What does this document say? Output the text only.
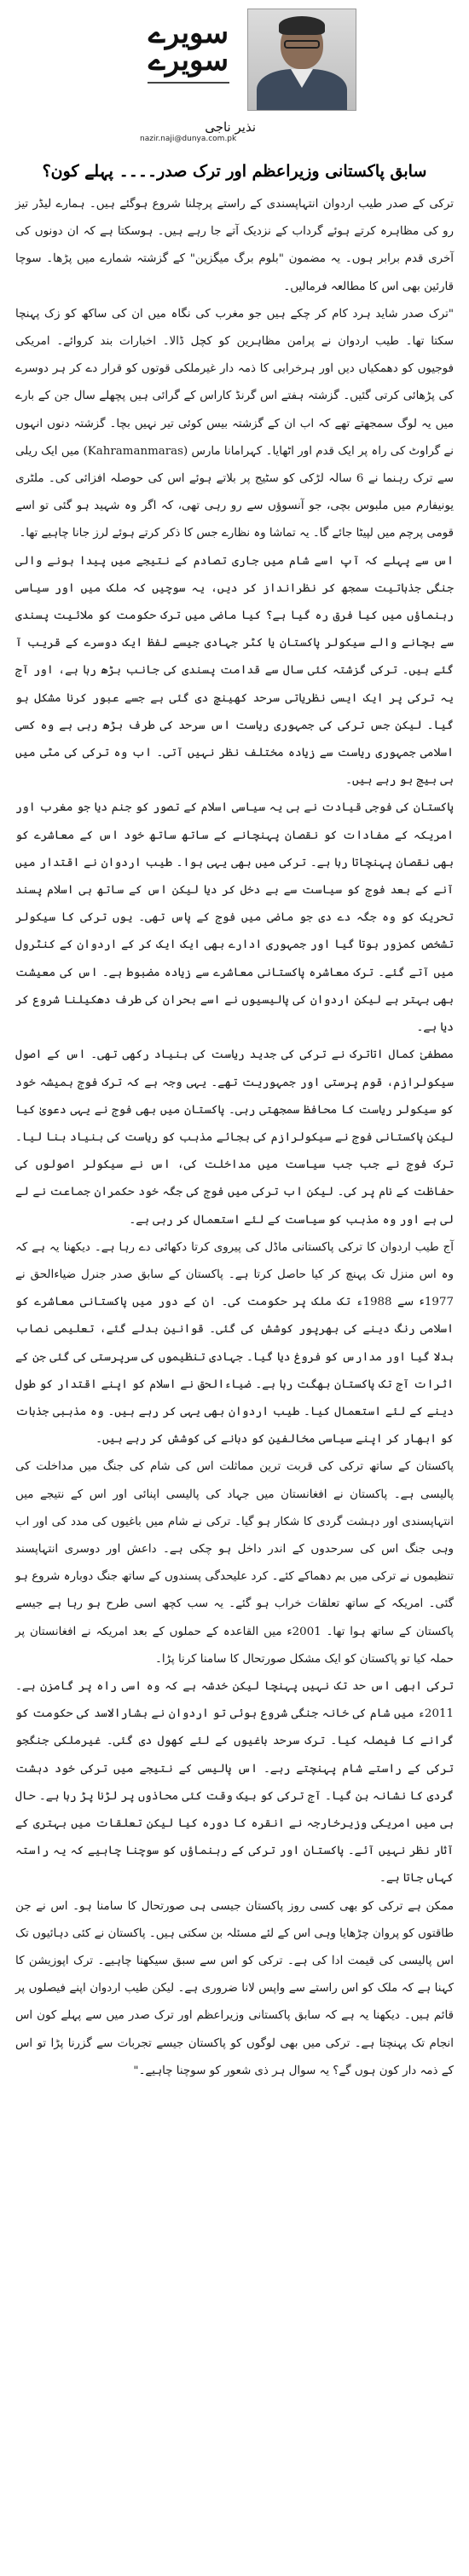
سویرے
سویرے
نذیر ناجی
nazir.naji@dunya.com.pk
سابق پاکستانی وزیراعظم اور ترک صدر۔۔۔۔ پہلے کون؟

ترکی کے صدر طیب اردوان انتہاپسندی کے راستے پرچلنا شروع ہوگئے ہیں۔ ہمارے لیڈر تیز رو کی مظاہرہ کرتے ہوئے گرداب کے نزدیک آتے جا رہے ہیں۔ ہوسکتا ہے کہ ان دونوں کی آخری قدم برابر ہوں۔ یہ مضمون "بلوم برگ میگزین" کے گزشتہ شمارے میں پڑھا۔ سوچا قارئین بھی اس کا مطالعہ فرمالیں۔

"ترک صدر شاید ہرد کام کر چکے ہیں جو مغرب کی نگاہ میں ان کی ساکھ کو زک پہنچا سکتا تھا۔ طیب اردوان نے پرامن مظاہرین کو کچل ڈالا۔ اخبارات بند کروائے۔ امریکی فوجیوں کو دھمکیاں دیں اور ہرخرابی کا ذمہ دار غیرملکی قوتوں کو قرار دے کر ہر دوسرے کی پڑھائی کرتی گئیں۔ گزشتہ ہفتے اس گرنڈ کاراس کے گرائی ہیں پچھلے سال جن کے بارے میں یہ لوگ سمجھتے تھے کہ اب ان کے گزشتہ بیس کوئی تیر نہیں بچا۔ گزشتہ دنوں انہوں نے گراوٹ کی راہ پر ایک قدم اور اٹھایا۔ کہرامانا مارس (Kahramanmaras) میں ایک ریلی سے ترک رہنما نے 6 سالہ لڑکی کو سٹیج پر بلاتے ہوئے اس کی حوصلہ افزائی کی۔ ملٹری یونیفارم میں ملبوس بچی، جو آنسوؤں سے رو رہی تھی، کہ اگر وہ شہید ہو گئی تو اسے قومی پرچم میں لپیٹا جائے گا۔ یہ تماشا وہ نظارے جس کا ذکر کرتے ہوئے لرز جانا چاہیے تھا۔

اس سے پہلے کہ آپ اسے شام میں جاری تصادم کے نتیجے میں پیدا ہونے والی جنگی جذباتیت سمجھ کر نظرانداز کر دیں، یہ سوچیں کہ ملک میں اور سیاسی رہنماؤں میں کیا فرق رہ گیا ہے؟ کیا ماضی میں ترک حکومت کو ملائیت پسندی سے بچانے والے سیکولر پاکستان یا کٹر جہادی جیسے لفظ ایک دوسرے کے قریب آ گئے ہیں۔ ترکی گزشتہ کئی سال سے قدامت پسندی کی جانب بڑھ رہا ہے، اور آج یہ ترکی پر ایک ایسی نظریاتی سرحد کھینچ دی گئی ہے جسے عبور کرنا مشکل ہو گیا۔ لیکن جس ترکی کی جمہوری ریاست اس سرحد کی طرف بڑھ رہی ہے وہ کسی اسلامی جمہوری ریاست سے زیادہ مختلف نظر نہیں آتی۔ اب وہ ترکی کی مٹی میں ہی بیج بو رہے ہیں۔

پاکستان کی فوجی قیادت نے ہی یہ سیاسی اسلام کے تصور کو جنم دیا جو مغرب اور امریکہ کے مفادات کو نقصان پہنچانے کے ساتھ ساتھ خود اس کے معاشرے کو بھی نقصان پہنچاتا رہا ہے۔ ترکی میں بھی یہی ہوا۔ طیب اردوان نے اقتدار میں آنے کے بعد فوج کو سیاست سے بے دخل کر دیا لیکن اس کے ساتھ ہی اسلام پسند تحریک کو وہ جگہ دے دی جو ماضی میں فوج کے پاس تھی۔ یوں ترکی کا سیکولر تشخص کمزور ہوتا گیا اور جمہوری ادارے بھی ایک ایک کر کے اردوان کے کنٹرول میں آتے گئے۔ ترک معاشرہ پاکستانی معاشرے سے زیادہ مضبوط ہے۔ اس کی معیشت بھی بہتر ہے لیکن اردوان کی پالیسیوں نے اسے بحران کی طرف دھکیلنا شروع کر دیا ہے۔

مصطفیٰ کمال اتاترک نے ترکی کی جدید ریاست کی بنیاد رکھی تھی۔ اس کے اصول سیکولرازم، قوم پرستی اور جمہوریت تھے۔ یہی وجہ ہے کہ ترک فوج ہمیشہ خود کو سیکولر ریاست کا محافظ سمجھتی رہی۔ پاکستان میں بھی فوج نے یہی دعویٰ کیا لیکن پاکستانی فوج نے سیکولرازم کی بجائے مذہب کو ریاست کی بنیاد بنا لیا۔ ترک فوج نے جب جب سیاست میں مداخلت کی، اس نے سیکولر اصولوں کی حفاظت کے نام پر کی۔ لیکن اب ترکی میں فوج کی جگہ خود حکمران جماعت نے لے لی ہے اور وہ مذہب کو سیاست کے لئے استعمال کر رہی ہے۔

آج طیب اردوان کا ترکی پاکستانی ماڈل کی پیروی کرتا دکھائی دے رہا ہے۔ دیکھنا یہ ہے کہ وہ اس منزل تک پہنچ کر کیا حاصل کرتا ہے۔ پاکستان کے سابق صدر جنرل ضیاءالحق نے 1977ء سے 1988ء تک ملک پر حکومت کی۔ ان کے دور میں پاکستانی معاشرے کو اسلامی رنگ دینے کی بھرپور کوشش کی گئی۔ قوانین بدلے گئے، تعلیمی نصاب بدلا گیا اور مدارس کو فروغ دیا گیا۔ جہادی تنظیموں کی سرپرستی کی گئی جن کے اثرات آج تک پاکستان بھگت رہا ہے۔ ضیاءالحق نے اسلام کو اپنے اقتدار کو طول دینے کے لئے استعمال کیا۔ طیب اردوان بھی یہی کر رہے ہیں۔ وہ مذہبی جذبات کو ابھار کر اپنے سیاسی مخالفین کو دبانے کی کوشش کر رہے ہیں۔

پاکستان کے ساتھ ترکی کی قربت ترین مماثلت اس کی شام کی جنگ میں مداخلت کی پالیسی ہے۔ پاکستان نے افغانستان میں جہاد کی پالیسی اپنائی اور اس کے نتیجے میں انتہاپسندی اور دہشت گردی کا شکار ہو گیا۔ ترکی نے شام میں باغیوں کی مدد کی اور اب وہی جنگ اس کی سرحدوں کے اندر داخل ہو چکی ہے۔ داعش اور دوسری انتہاپسند تنظیموں نے ترکی میں بم دھماکے کئے۔ کرد علیحدگی پسندوں کے ساتھ جنگ دوبارہ شروع ہو گئی۔ امریکہ کے ساتھ تعلقات خراب ہو گئے۔ یہ سب کچھ اسی طرح ہو رہا ہے جیسے پاکستان کے ساتھ ہوا تھا۔ 2001ء میں القاعدہ کے حملوں کے بعد امریکہ نے افغانستان پر حملہ کیا تو پاکستان کو ایک مشکل صورتحال کا سامنا کرنا پڑا۔

ترکی ابھی اس حد تک نہیں پہنچا لیکن خدشہ ہے کہ وہ اسی راہ پر گامزن ہے۔ 2011ء میں شام کی خانہ جنگی شروع ہوئی تو اردوان نے بشارالاسد کی حکومت کو گرانے کا فیصلہ کیا۔ ترک سرحد باغیوں کے لئے کھول دی گئی۔ غیرملکی جنگجو ترکی کے راستے شام پہنچتے رہے۔ اس پالیسی کے نتیجے میں ترکی خود دہشت گردی کا نشانہ بن گیا۔ آج ترکی کو بیک وقت کئی محاذوں پر لڑنا پڑ رہا ہے۔ حال ہی میں امریکی وزیرخارجہ نے انقرہ کا دورہ کیا لیکن تعلقات میں بہتری کے آثار نظر نہیں آئے۔ پاکستان اور ترکی کے رہنماؤں کو سوچنا چاہیے کہ یہ راستہ کہاں جاتا ہے۔

ممکن ہے ترکی کو بھی کسی روز پاکستان جیسی ہی صورتحال کا سامنا ہو۔ اس نے جن طاقتوں کو پروان چڑھایا وہی اس کے لئے مسئلہ بن سکتی ہیں۔ پاکستان نے کئی دہائیوں تک اس پالیسی کی قیمت ادا کی ہے۔ ترکی کو اس سے سبق سیکھنا چاہیے۔ ترک اپوزیشن کا کہنا ہے کہ ملک کو اس راستے سے واپس لانا ضروری ہے۔ لیکن طیب اردوان اپنے فیصلوں پر قائم ہیں۔ دیکھنا یہ ہے کہ سابق پاکستانی وزیراعظم اور ترک صدر میں سے پہلے کون اس انجام تک پہنچتا ہے۔ ترکی میں بھی لوگوں کو پاکستان جیسے تجربات سے گزرنا پڑا تو اس کے ذمہ دار کون ہوں گے؟ یہ سوال ہر ذی شعور کو سوچنا چاہیے۔"
